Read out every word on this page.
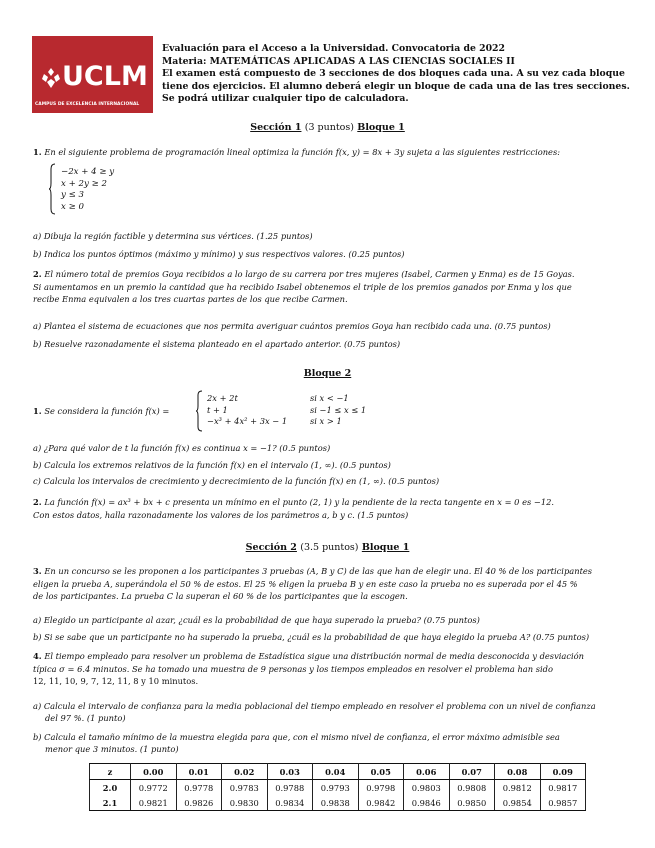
UCLM
CAMPUS DE EXCELENCIA INTERNACIONAL
Evaluación para el Acceso a la Universidad. Convocatoria de 2022
Materia: MATEMÁTICAS APLICADAS A LAS CIENCIAS SOCIALES II
El examen está compuesto de 3 secciones de dos bloques cada una. A su vez cada bloque
tiene dos ejercicios. El alumno deberá elegir un bloque de cada una de las tres secciones.
Se podrá utilizar cualquier tipo de calculadora.
Sección 1 (3 puntos) Bloque 1
1. En el siguiente problema de programación lineal optimiza la función f(x, y) = 8x + 3y sujeta a las siguientes restricciones:
−2x + 4 ≥ y
x + 2y ≥ 2
y ≤ 3
x ≥ 0
a) Dibuja la región factible y determina sus vértices. (1.25 puntos)
b) Indica los puntos óptimos (máximo y mínimo) y sus respectivos valores. (0.25 puntos)
2. El número total de premios Goya recibidos a lo largo de su carrera por tres mujeres (Isabel, Carmen y Enma) es de 15 Goyas.
Si aumentamos en un premio la cantidad que ha recibido Isabel obtenemos el triple de los premios ganados por Enma y los que
recibe Enma equivalen a los tres cuartas partes de los que recibe Carmen.
a) Plantea el sistema de ecuaciones que nos permita averiguar cuántos premios Goya han recibido cada una. (0.75 puntos)
b) Resuelve razonadamente el sistema planteado en el apartado anterior. (0.75 puntos)
Bloque 2
1. Se considera la función f(x) =
2x + 2t	si x < −1
t + 1	si −1 ≤ x ≤ 1
−x³ + 4x² + 3x − 1	si x > 1
a) ¿Para qué valor de t la función f(x) es continua x = −1? (0.5 puntos)
b) Calcula los extremos relativos de la función f(x) en el intervalo (1, ∞). (0.5 puntos)
c) Calcula los intervalos de crecimiento y decrecimiento de la función f(x) en (1, ∞). (0.5 puntos)
2. La función f(x) = ax³ + bx + c presenta un mínimo en el punto (2, 1) y la pendiente de la recta tangente en x = 0 es −12.
Con estos datos, halla razonadamente los valores de los parámetros a, b y c. (1.5 puntos)
Sección 2 (3.5 puntos) Bloque 1
3. En un concurso se les proponen a los participantes 3 pruebas (A, B y C) de las que han de elegir una. El 40 % de los participantes
eligen la prueba A, superándola el 50 % de estos. El 25 % eligen la prueba B y en este caso la prueba no es superada por el 45 %
de los participantes. La prueba C la superan el 60 % de los participantes que la escogen.
a) Elegido un participante al azar, ¿cuál es la probabilidad de que haya superado la prueba? (0.75 puntos)
b) Si se sabe que un participante no ha superado la prueba, ¿cuál es la probabilidad de que haya elegido la prueba A? (0.75 puntos)
4. El tiempo empleado para resolver un problema de Estadística sigue una distribución normal de media desconocida y desviación
típica σ = 6.4 minutos. Se ha tomado una muestra de 9 personas y los tiempos empleados en resolver el problema han sido
12, 11, 10, 9, 7, 12, 11, 8 y 10 minutos.
a) Calcula el intervalo de confianza para la media poblacional del tiempo empleado en resolver el problema con un nivel de confianza
del 97 %. (1 punto)
b) Calcula el tamaño mínimo de la muestra elegida para que, con el mismo nivel de confianza, el error máximo admisible sea
menor que 3 minutos. (1 punto)
z	0.00	0.01	0.02	0.03	0.04	0.05	0.06	0.07	0.08	0.09
2.0	0.9772	0.9778	0.9783	0.9788	0.9793	0.9798	0.9803	0.9808	0.9812	0.9817
2.1	0.9821	0.9826	0.9830	0.9834	0.9838	0.9842	0.9846	0.9850	0.9854	0.9857
